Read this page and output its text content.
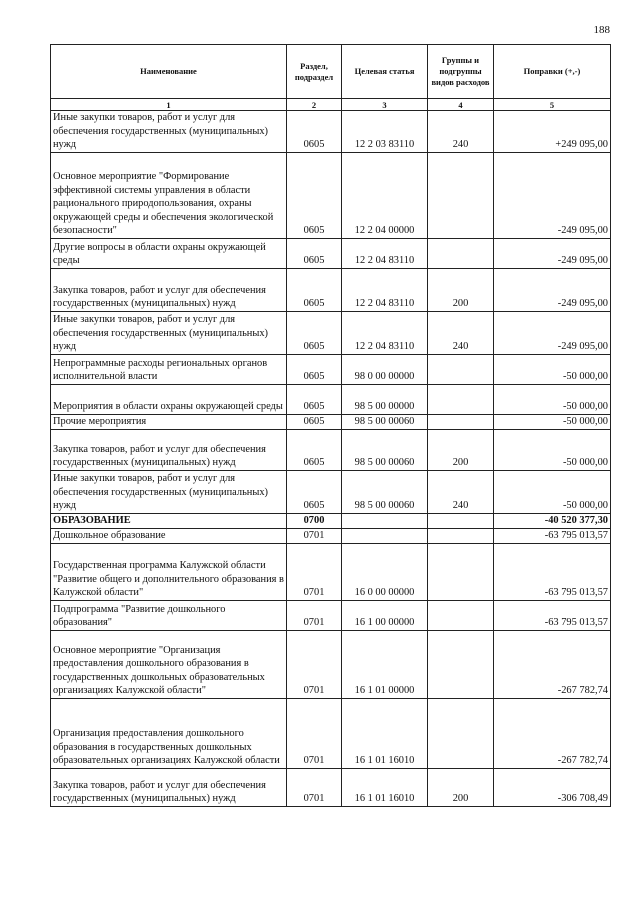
188
Наименование	Раздел, подраздел	Целевая статья	Группы и подгруппы видов расходов	Поправки (+,-)
1	2	3	4	5
Иные закупки товаров, работ и услуг для обеспечения государственных (муниципальных) нужд	0605	12 2 03 83110	240	+249 095,00
Основное мероприятие "Формирование эффективной системы управления в области рационального природопользования, охраны окружающей среды и обеспечения экологической безопасности"	0605	12 2 04 00000		-249 095,00
Другие вопросы в области охраны окружающей среды	0605	12 2 04 83110		-249 095,00
Закупка товаров, работ и услуг для обеспечения государственных (муниципальных) нужд	0605	12 2 04 83110	200	-249 095,00
Иные закупки товаров, работ и услуг для обеспечения государственных (муниципальных) нужд	0605	12 2 04 83110	240	-249 095,00
Непрограммные расходы региональных органов исполнительной власти	0605	98 0 00 00000		-50 000,00
Мероприятия в области охраны окружающей среды	0605	98 5 00 00000		-50 000,00
Прочие мероприятия	0605	98 5 00 00060		-50 000,00
Закупка товаров, работ и услуг для обеспечения государственных (муниципальных) нужд	0605	98 5 00 00060	200	-50 000,00
Иные закупки товаров, работ и услуг для обеспечения государственных (муниципальных) нужд	0605	98 5 00 00060	240	-50 000,00
ОБРАЗОВАНИЕ	0700			-40 520 377,30
Дошкольное образование	0701			-63 795 013,57
Государственная программа Калужской области "Развитие общего и дополнительного образования в Калужской области"	0701	16 0 00 00000		-63 795 013,57
Подпрограмма "Развитие дошкольного образования"	0701	16 1 00 00000		-63 795 013,57
Основное мероприятие "Организация предоставления дошкольного образования в государственных дошкольных образовательных организациях Калужской области"	0701	16 1 01 00000		-267 782,74
Организация предоставления дошкольного образования в государственных дошкольных образовательных организациях Калужской области	0701	16 1 01 16010		-267 782,74
Закупка товаров, работ и услуг для обеспечения государственных (муниципальных) нужд	0701	16 1 01 16010	200	-306 708,49
